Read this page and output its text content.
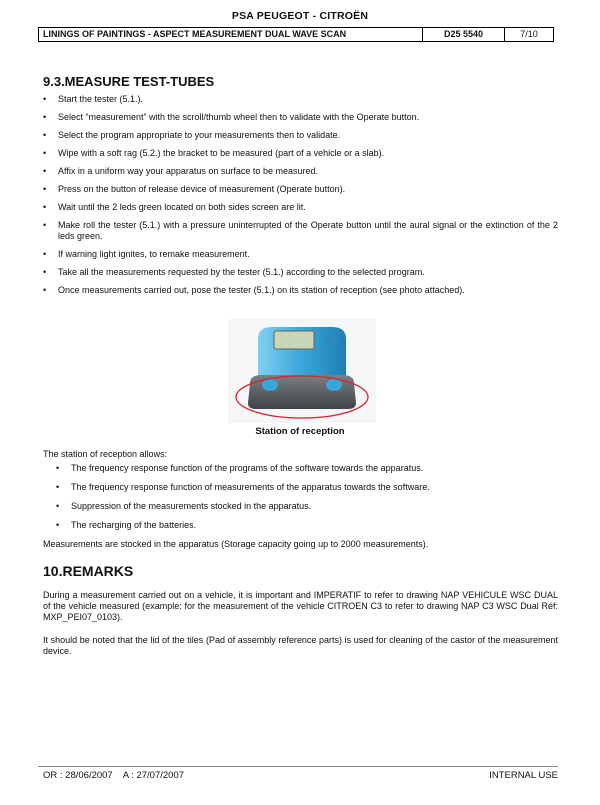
PSA PEUGEOT - CITROËN
LININGS OF PAINTINGS - ASPECT MEASUREMENT DUAL WAVE SCAN	D25 5540	7/10
9.3.MEASURE TEST-TUBES
• Start the tester (5.1.).
• Select “measurement” with the scroll/thumb wheel then to validate with the Operate button.
• Select the program appropriate to your measurements then to validate.
• Wipe with a soft rag (5.2.) the bracket to be measured (part of a vehicle or a slab).
• Affix in a uniform way your apparatus on surface to be measured.
• Press on the button of release device of measurement (Operate button).
• Wait until the 2 leds green located on both sides screen are lit.
• Make roll the tester (5.1.) with a pressure uninterrupted of the Operate button until the aural signal or the extinction of the 2 leds green.
• If warning light ignites, to remake measurement.
• Take all the measurements requested by the tester (5.1.) according to the selected program.
• Once measurements carried out, pose the tester (5.1.) on its station of reception (see photo attached).
Station of reception

The station of reception allows:

• The frequency response function of the programs of the software towards the apparatus.
• The frequency response function of measurements of the apparatus towards the software.
• Suppression of the measurements stocked in the apparatus.
• The recharging of the batteries.

Measurements are stocked in the apparatus (Storage capacity going up to 2000 measurements).

10.REMARKS

During a measurement carried out on a vehicle, it is important and IMPERATIF to refer to drawing NAP VEHICULE WSC DUAL of the vehicle measured (example: for the measurement of the vehicle CITROEN C3 to refer to drawing NAP C3 WSC Dual Réf: MXP_PEI07_0103).

It should be noted that the lid of the tiles (Pad of assembly reference parts) is used for cleaning of the castor of the measurement device.

OR : 28/06/2007    A : 27/07/2007	INTERNAL USE
